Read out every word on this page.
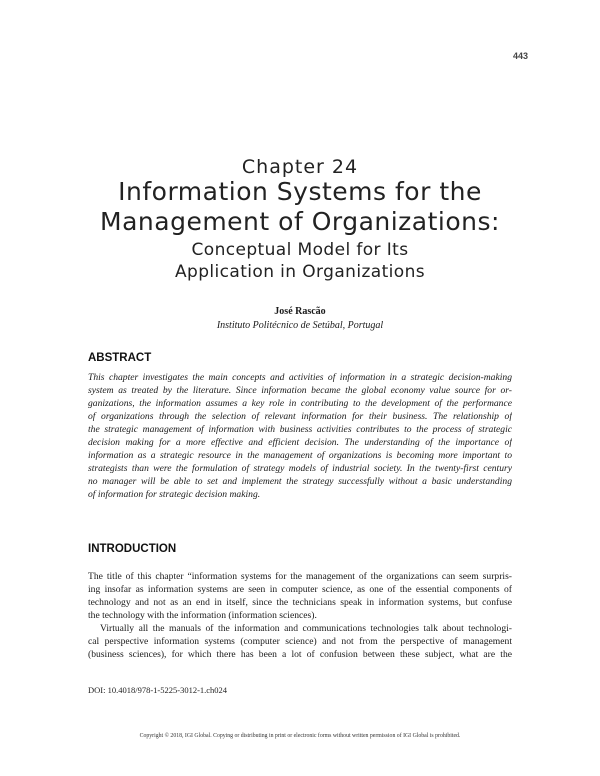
443
Chapter 24
Information Systems for the
Management of Organizations:
Conceptual Model for Its
Application in Organizations
José Rascão
Instituto Politécnico de Setúbal, Portugal
ABSTRACT
This chapter investigates the main concepts and activities of information in a strategic decision-making
system as treated by the literature. Since information became the global economy value source for or-
ganizations, the information assumes a key role in contributing to the development of the performance
of organizations through the selection of relevant information for their business. The relationship of
the strategic management of information with business activities contributes to the process of strategic
decision making for a more effective and efficient decision. The understanding of the importance of
information as a strategic resource in the management of organizations is becoming more important to
strategists than were the formulation of strategy models of industrial society. In the twenty-first century
no manager will be able to set and implement the strategy successfully without a basic understanding
of information for strategic decision making.
INTRODUCTION
The title of this chapter “information systems for the management of the organizations can seem surpris-
ing insofar as information systems are seen in computer science, as one of the essential components of
technology and not as an end in itself, since the technicians speak in information systems, but confuse
the technology with the information (information sciences).
Virtually all the manuals of the information and communications technologies talk about technologi-
cal perspective information systems (computer science) and not from the perspective of management
(business sciences), for which there has been a lot of confusion between these subject, what are the
DOI: 10.4018/978-1-5225-3012-1.ch024
Copyright © 2018, IGI Global. Copying or distributing in print or electronic forms without written permission of IGI Global is prohibited.
